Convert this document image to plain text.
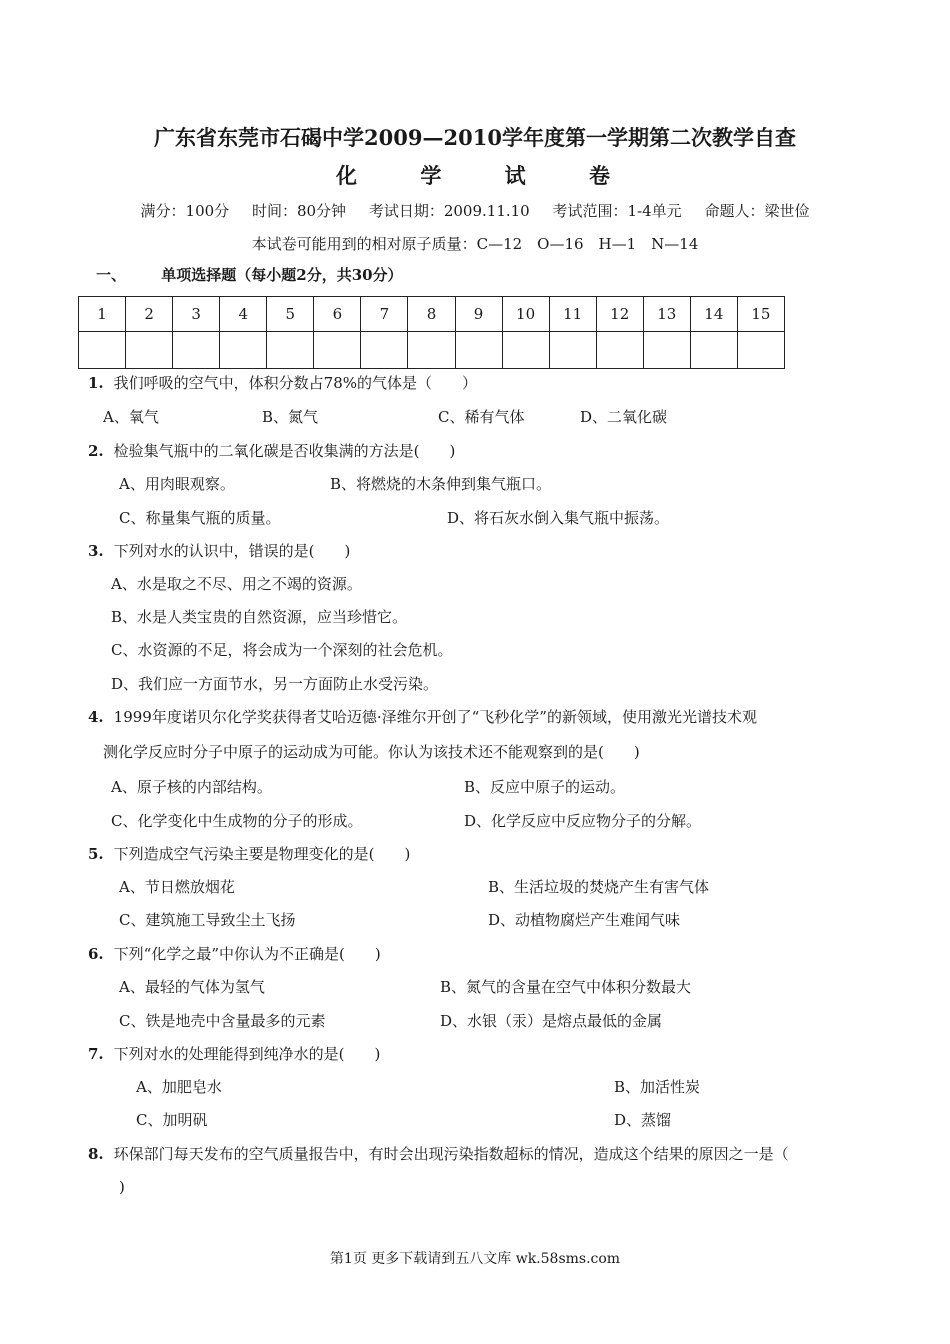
广东省东莞市石碣中学2009—2010学年度第一学期第二次教学自查
化	学	试	卷
满分：100分 时间：80分钟 考试日期：2009.11.10 考试范围：1-4单元 命题人：梁世俭
本试卷可能用到的相对原子质量：C—12　O—16　H—1　N—14
一、 单项选择题（每小题2分，共30分）
1	2	3	4	5	6	7	8	9	10	11	12	13	14	15

1. 我们呼吸的空气中，体积分数占78%的气体是（　　）
A、氧气	B、氮气	C、稀有气体	D、二氧化碳
2. 检验集气瓶中的二氧化碳是否收集满的方法是(　　)
A、用肉眼观察。	B、将燃烧的木条伸到集气瓶口。
C、称量集气瓶的质量。	D、将石灰水倒入集气瓶中振荡。
3. 下列对水的认识中，错误的是(　　)
A、水是取之不尽、用之不竭的资源。
B、水是人类宝贵的自然资源，应当珍惜它。
C、水资源的不足，将会成为一个深刻的社会危机。
D、我们应一方面节水，另一方面防止水受污染。
4. 1999年度诺贝尔化学奖获得者艾哈迈德·泽维尔开创了“飞秒化学”的新领域，使用激光光谱技术观
测化学反应时分子中原子的运动成为可能。你认为该技术还不能观察到的是(　　)
A、原子核的内部结构。	B、反应中原子的运动。
C、化学变化中生成物的分子的形成。	D、化学反应中反应物分子的分解。
5. 下列造成空气污染主要是物理变化的是(　　)
A、节日燃放烟花	B、生活垃圾的焚烧产生有害气体
C、建筑施工导致尘土飞扬	D、动植物腐烂产生难闻气味
6. 下列“化学之最”中你认为不正确是(　　)
A、最轻的气体为氢气	B、氮气的含量在空气中体积分数最大
C、铁是地壳中含量最多的元素	D、水银（汞）是熔点最低的金属
7. 下列对水的处理能得到纯净水的是(　　)
A、加肥皂水	B、加活性炭
C、加明矾	D、蒸馏
8. 环保部门每天发布的空气质量报告中，有时会出现污染指数超标的情况，造成这个结果的原因之一是（
)
第1页 更多下载请到五八文库 wk.58sms.com
